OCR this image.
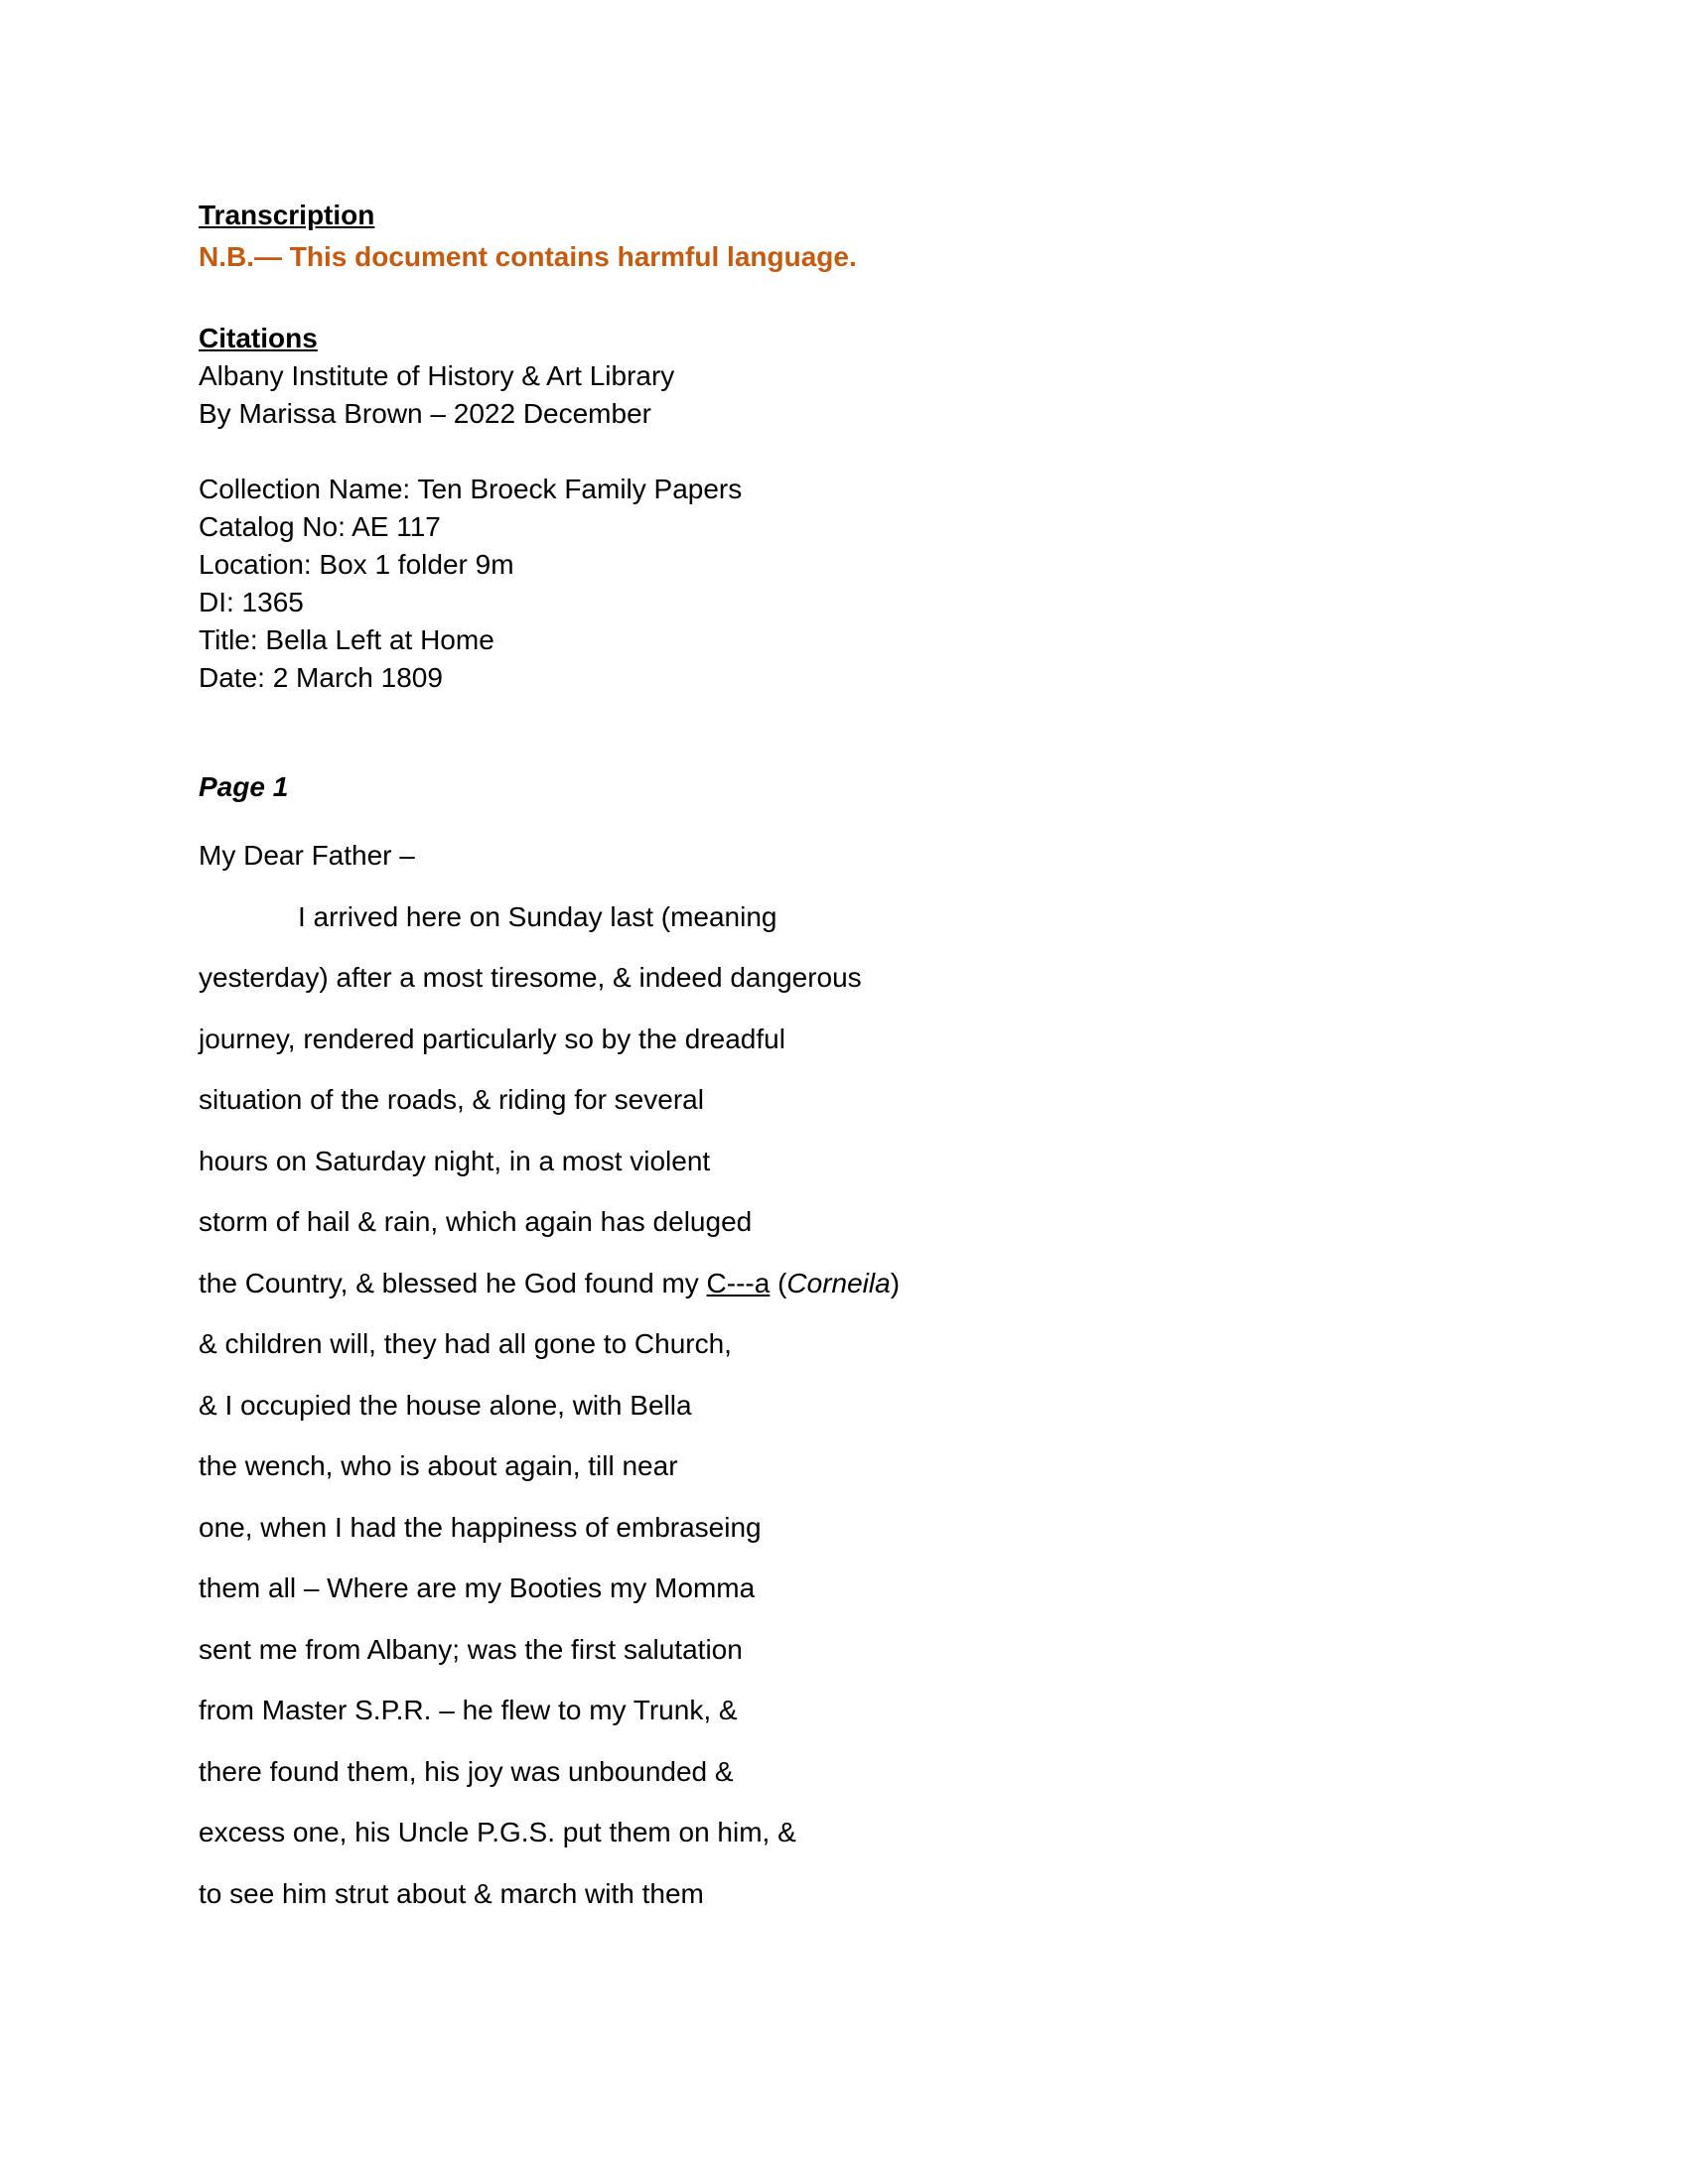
Transcription
N.B.— This document contains harmful language.
Citations
Albany Institute of History & Art Library
By Marissa Brown – 2022 December
Collection Name: Ten Broeck Family Papers
Catalog No: AE 117
Location: Box 1 folder 9m
DI: 1365
Title: Bella Left at Home
Date: 2 March 1809
Page 1
My Dear Father –
I arrived here on Sunday last (meaning
yesterday) after a most tiresome, & indeed dangerous
journey, rendered particularly so by the dreadful
situation of the roads, & riding for several
hours on Saturday night, in a most violent
storm of hail & rain, which again has deluged
the Country, & blessed he God found my C---a (Corneila)
& children will, they had all gone to Church,
& I occupied the house alone, with Bella
the wench, who is about again, till near
one, when I had the happiness of embraseing
them all – Where are my Booties my Momma
sent me from Albany; was the first salutation
from Master S.P.R. – he flew to my Trunk, &
there found them, his joy was unbounded &
excess one, his Uncle P.G.S. put them on him, &
to see him strut about & march with them
